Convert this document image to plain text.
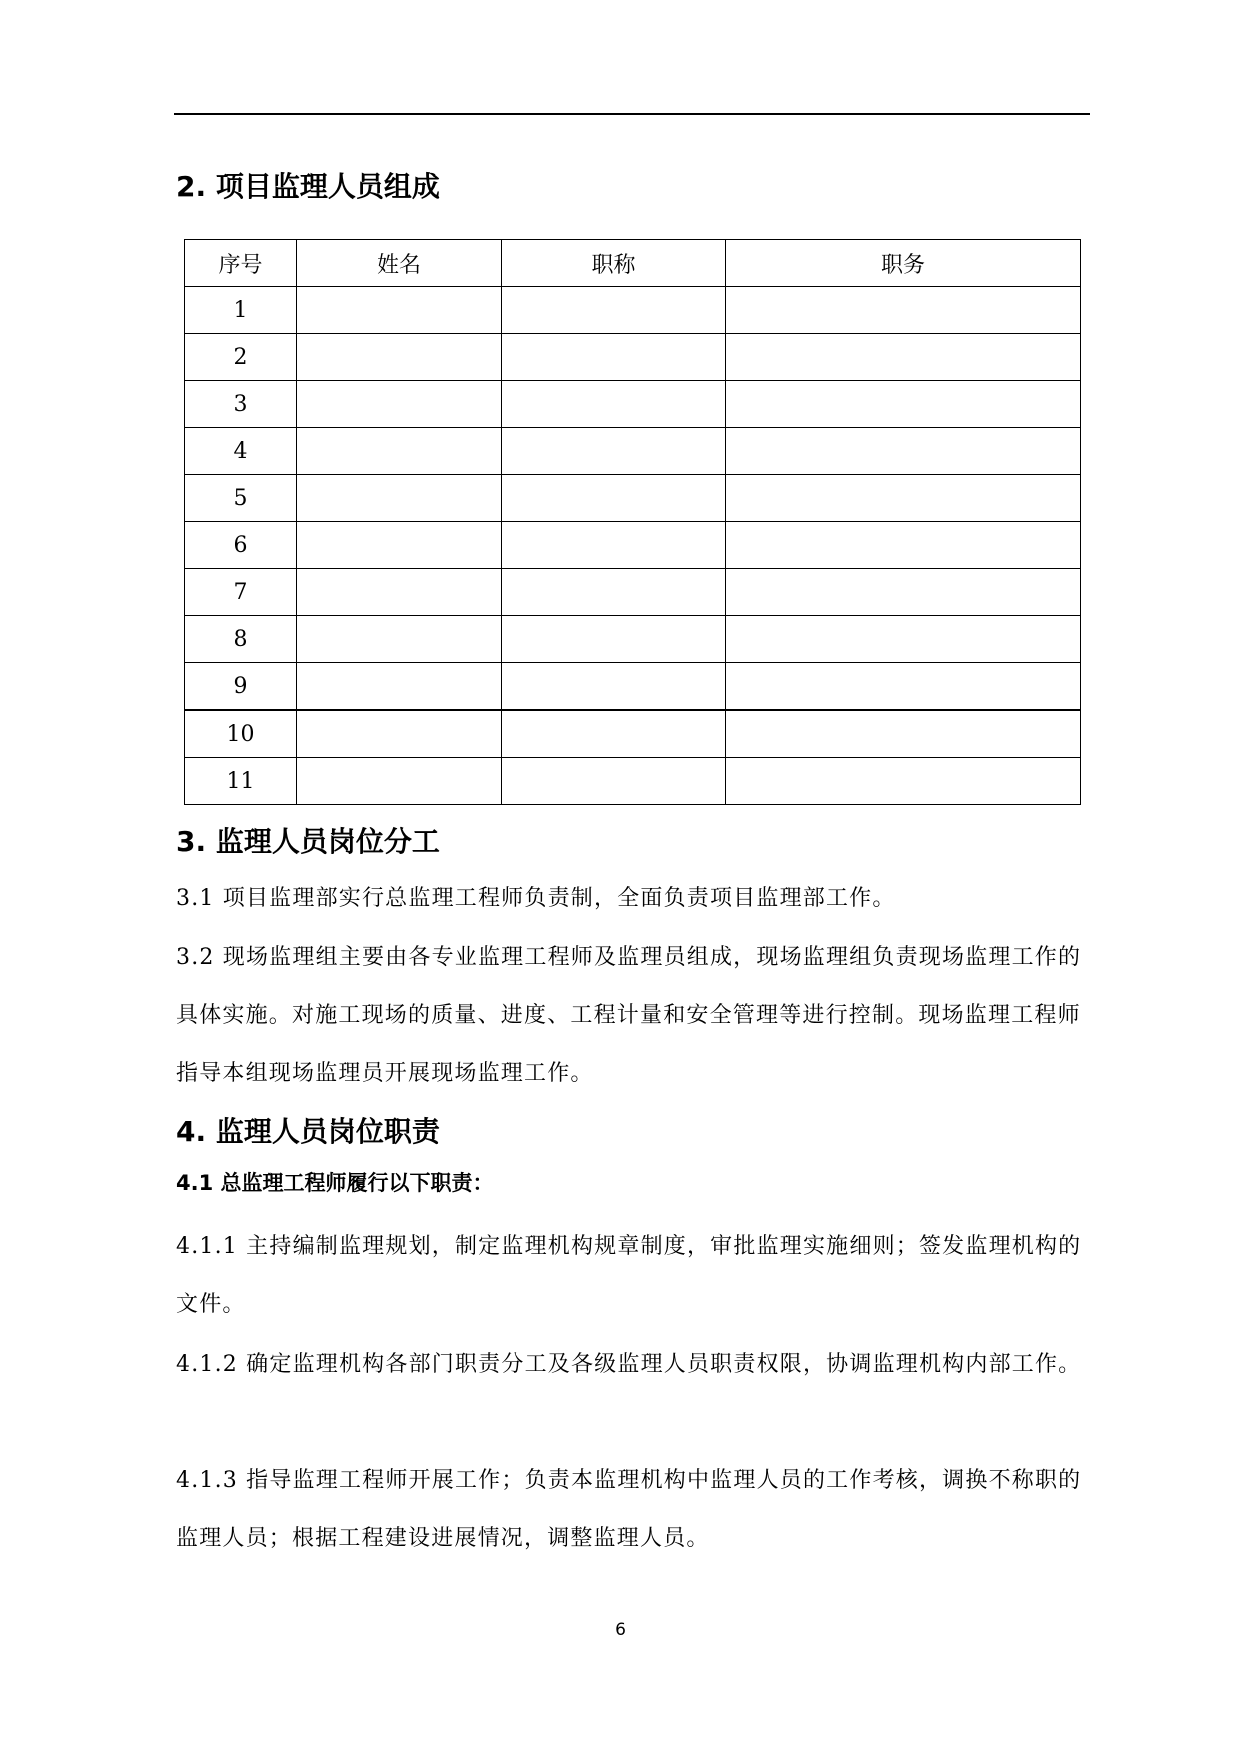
2. 项目监理人员组成
序号	姓名	职称	职务
1			
2			
3			
4			
5			
6			
7			
8			
9			
10			
11			
3. 监理人员岗位分工

3.1 项目监理部实行总监理工程师负责制，全面负责项目监理部工作。

3.2 现场监理组主要由各专业监理工程师及监理员组成，现场监理组负责现场监理工作的具体实施。对施工现场的质量、进度、工程计量和安全管理等进行控制。现场监理工程师指导本组现场监理员开展现场监理工作。

4. 监理人员岗位职责

4.1 总监理工程师履行以下职责：

4.1.1 主持编制监理规划，制定监理机构规章制度，审批监理实施细则；签发监理机构的文件。

4.1.2 确定监理机构各部门职责分工及各级监理人员职责权限，协调监理机构内部工作。

4.1.3 指导监理工程师开展工作；负责本监理机构中监理人员的工作考核，调换不称职的监理人员；根据工程建设进展情况，调整监理人员。

6
